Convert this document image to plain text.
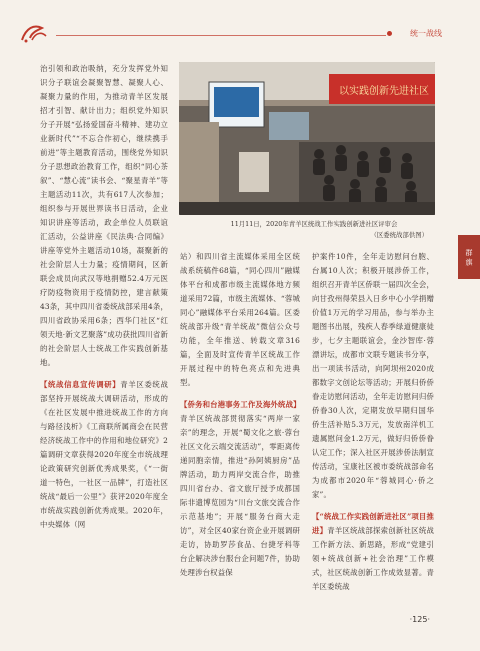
统一战线
群 旗

治引领和政治吸纳，充分发挥党外知识分子联谊会凝聚智慧、凝聚人心、凝聚力量的作用，为推动青羊区发展招才引智、献计出力；组织党外知识分子开展“弘扬爱国奋斗精神、建功立业新时代”“不忘合作初心，继续携手前进”等主题教育活动，围绕党外知识分子思想政治教育工作，组织“同心茶叙”、“慧心流”读书会、“聚星青羊”等主题活动11次，共有617人次参加；组织参与开展世界读书日活动，企业知识讲座等活动，政企单位人员联谊汇活动，公益讲座《民法典·合同编》讲座等党外主题活动10场，凝聚新的社会阶层人士力量；疫情期间，区新联会成员向武汉等地捐赠52.4万元医疗防疫物资用于疫情防控，建言献策43条，其中四川省委统战部采用4条，四川省政协采用6条；西华门社区“红领天地·新文艺聚落”成功获批四川省新的社会阶层人士统战工作实践创新基地。

【统战信息宣传调研】青羊区委统战部坚持开展统战大调研活动，形成的《在社区发展中推进统战工作的方向与路径浅析》《工商联所属商会在民营经济统战工作中的作用和地位研究》2篇调研文章获得2020年度全市统战理论政策研究创新优秀成果奖，《“一街道一特色，一社区一品牌”，打造社区统战“最后一公里”》获评2020年度全市统战实践创新优秀成果。2020年，中央媒体（网

以实践创新先进社区
11月11日，2020年青羊区统战工作实践创新进社区评审会
（区委统战部供图）

站）和四川省主流媒体采用全区统战系统稿件68篇，“同心四川”融媒体平台和成都市级主流媒体地方频道采用72篇，市级主流媒体、“蓉城同心”融媒体平台采用264篇。区委统战部升级“青羊统战”微信公众号功能，全年推送、转载文章316篇，全面及时宣传青羊区统战工作开展过程中的特色亮点和先进典型。

【侨务和台港事务工作及海外统战】青羊区统战部贯彻落实“两岸一家亲”的理念，开展“蜀文化之旅·蓉台社区文化云端交流活动”，零距离传递同胞亲情，推进“孙阿姨厨房”品牌活动，助力两岸交流合作，助推四川省台办、省文旅厅授予成都国际非遗博览园为“川台文旅交流合作示范基地”；开展“服务台商大走访”，对全区40家台资企业开展调研走访，协助罗莎食品、台捷牙科等台企解决涉台服台企问题7件，协助处理涉台权益保

护案件10件，全年走访慰问台胞、台属10人次；积极开展涉侨工作，组织召开青羊区侨联一届四次全会，向甘孜州得荣县入日乡中心小学捐赠价值1万元的学习用品，参与举办主题图书出展，残疾人春季绿道健康徒步，七夕主题联谊会，金沙智库·蓉漂讲坛，成都市文联专题读书分享，出一项读书活动，向阿坝州2020成都数字文创论坛等活动；开展归侨侨眷走访慰问活动，全年走访慰问归侨侨眷30人次，定期发放早期归国华侨生活补贴5.3万元，发放南洋机工遗属慰问金1.2万元，做好归侨侨眷认定工作；深入社区开展涉侨法制宣传活动，宝康社区被市委统战部命名为成都市2020年“蓉城同心·侨之家”。

【“统战工作实践创新进社区”项目推进】青羊区统战部探索创新社区统战工作新方法、新思路，形成“党建引领+统战创新+社会治理”工作模式，社区统战创新工作成效显著。青羊区委统战

·125·
